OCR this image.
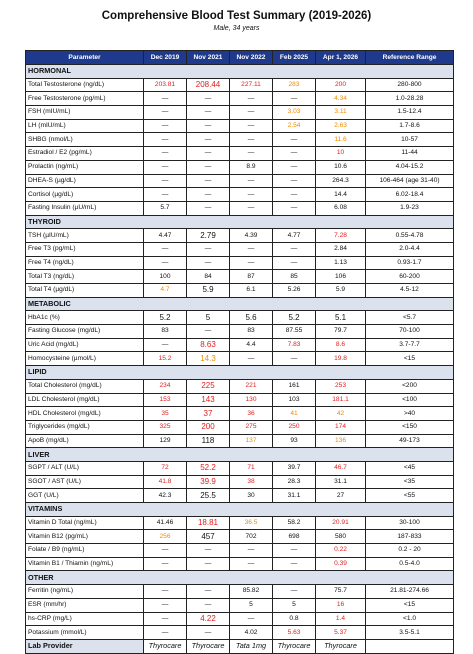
Comprehensive Blood Test Summary (2019-2026)
Male, 34 years
Parameter	Dec 2019	Nov 2021	Nov 2022	Feb 2025	Apr 1, 2026	Reference Range
HORMONAL						
Total Testosterone (ng/dL)	203.81	208.44	227.11	283	200	280-800
Free Testosterone (pg/mL)	—	—	—	—	4.34	1.0-28.28
FSH (mIU/mL)	—	—	—	3.03	3.11	1.5-12.4
LH (mIU/mL)	—	—	—	2.54	2.63	1.7-8.6
SHBG (nmol/L)	—	—	—	—	11.6	10-57
Estradiol / E2 (pg/mL)	—	—	—	—	10	11-44
Prolactin (ng/mL)	—	—	8.9	—	10.6	4.04-15.2
DHEA-S (µg/dL)	—	—	—	—	264.3	106-464 (age 31-40)
Cortisol (µg/dL)	—	—	—	—	14.4	6.02-18.4
Fasting Insulin (µU/mL)	5.7	—	—	—	6.08	1.9-23
THYROID						
TSH (µIU/mL)	4.47	2.79	4.39	4.77	7.28	0.55-4.78
Free T3 (pg/mL)	—	—	—	—	2.84	2.0-4.4
Free T4 (ng/dL)	—	—	—	—	1.13	0.93-1.7
Total T3 (ng/dL)	100	84	87	85	106	60-200
Total T4 (µg/dL)	4.7	5.9	6.1	5.26	5.9	4.5-12
METABOLIC						
HbA1c (%)	5.2	5	5.6	5.2	5.1	<5.7
Fasting Glucose (mg/dL)	83	—	83	87.55	79.7	70-100
Uric Acid (mg/dL)	—	8.63	4.4	7.83	8.6	3.7-7.7
Homocysteine (µmol/L)	15.2	14.3	—	—	19.8	<15
LIPID						
Total Cholesterol (mg/dL)	234	225	221	161	253	<200
LDL Cholesterol (mg/dL)	153	143	130	103	181.1	<100
HDL Cholesterol (mg/dL)	35	37	36	41	42	>40
Triglycerides (mg/dL)	325	200	275	250	174	<150
ApoB (mg/dL)	129	118	137	93	136	49-173
LIVER						
SGPT / ALT (U/L)	72	52.2	71	39.7	46.7	<45
SGOT / AST (U/L)	41.8	39.9	38	28.3	31.1	<35
GGT (U/L)	42.3	25.5	30	31.1	27	<55
VITAMINS						
Vitamin D Total (ng/mL)	41.46	18.81	36.5	58.2	20.91	30-100
Vitamin B12 (pg/mL)	256	457	702	698	580	187-833
Folate / B9 (ng/mL)	—	—	—	—	0.22	0.2 - 20
Vitamin B1 / Thiamin (ng/mL)	—	—	—	—	0.39	0.5-4.0
OTHER						
Ferritin (ng/mL)	—	—	85.82	—	75.7	21.81-274.66
ESR (mm/hr)	—	—	5	5	16	<15
hs-CRP (mg/L)	—	4.22	—	0.8	1.4	<1.0
Potassium (mmol/L)	—	—	4.02	5.63	5.37	3.5-5.1
Lab Provider	Thyrocare	Thyrocare	Tata 1mg	Thyrocare	Thyrocare	
